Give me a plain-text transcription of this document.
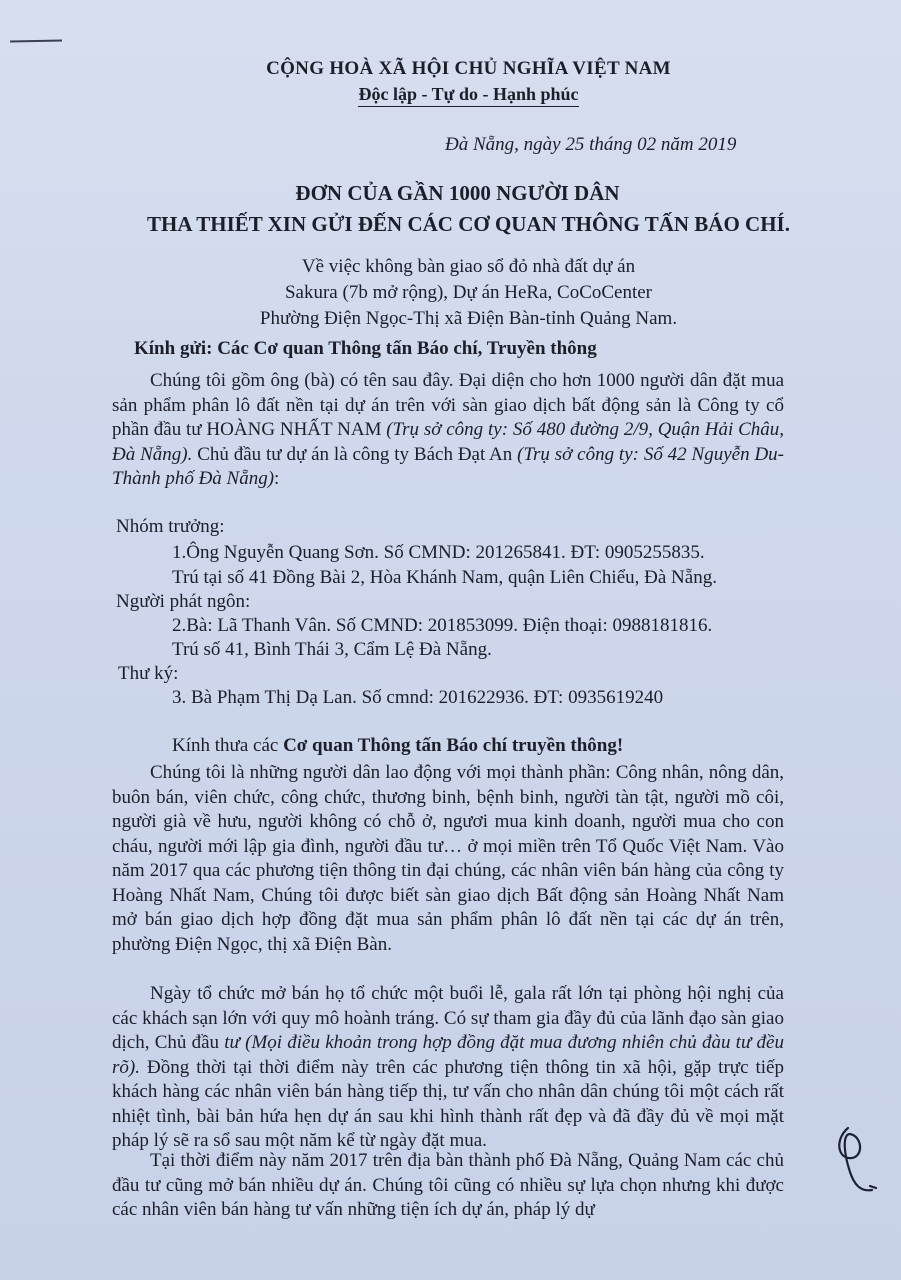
CỘNG HOÀ XÃ HỘI CHỦ NGHĨA VIỆT NAM
Độc lập - Tự do - Hạnh phúc
Đà Nẵng, ngày 25 tháng 02 năm 2019
ĐƠN CỦA GẦN 1000 NGƯỜI DÂN
THA THIẾT XIN GỬI ĐẾN CÁC CƠ QUAN THÔNG TẤN BÁO CHÍ.
Về việc không bàn giao sổ đỏ nhà đất dự án
Sakura (7b mở rộng), Dự án HeRa, CoCoCenter
Phường Điện Ngọc-Thị xã Điện Bàn-tỉnh Quảng Nam.
Kính gửi: Các Cơ quan Thông tấn Báo chí, Truyền thông
Chúng tôi gồm ông (bà) có tên sau đây. Đại diện cho hơn 1000 người dân đặt mua sản phẩm phân lô đất nền tại dự án trên với sàn giao dịch bất động sản là Công ty cổ phần đầu tư HOÀNG NHẤT NAM (Trụ sở công ty: Số 480 đường 2/9, Quận Hải Châu, Đà Nẵng). Chủ đầu tư dự án là công ty Bách Đạt An (Trụ sở công ty: Số 42 Nguyễn Du- Thành phố Đà Nẵng):
Nhóm trưởng:
1.Ông Nguyễn Quang Sơn. Số CMND: 201265841. ĐT: 0905255835.
Trú tại số 41 Đồng Bài 2, Hòa Khánh Nam, quận Liên Chiểu, Đà Nẵng.
Người phát ngôn:
2.Bà: Lã Thanh Vân. Số CMND: 201853099. Điện thoại: 0988181816.
Trú số 41, Bình Thái 3, Cẩm Lệ Đà Nẵng.
Thư ký:
3. Bà Phạm Thị Dạ Lan. Số cmnd: 201622936. ĐT: 0935619240
Kính thưa các Cơ quan Thông tấn Báo chí truyền thông!
Chúng tôi là những người dân lao động với mọi thành phần: Công nhân, nông dân, buôn bán, viên chức, công chức, thương binh, bệnh binh, người tàn tật, người mồ côi, người già về hưu, người không có chỗ ở, ngươi mua kinh doanh, người mua cho con cháu, người mới lập gia đình, người đầu tư… ở mọi miền trên Tổ Quốc Việt Nam. Vào năm 2017 qua các phương tiện thông tin đại chúng, các nhân viên bán hàng của công ty Hoàng Nhất Nam, Chúng tôi được biết sàn giao dịch Bất động sản Hoàng Nhất Nam mở bán giao dịch hợp đồng đặt mua sản phẩm phân lô đất nền tại các dự án trên, phường Điện Ngọc, thị xã Điện Bàn.
Ngày tổ chức mở bán họ tổ chức một buổi lễ, gala rất lớn tại phòng hội nghị của các khách sạn lớn với quy mô hoành tráng. Có sự tham gia đầy đủ của lãnh đạo sàn giao dịch, Chủ đầu tư (Mọi điều khoản trong hợp đồng đặt mua đương nhiên chủ đàu tư đều rõ). Đồng thời tại thời điểm này trên các phương tiện thông tin xã hội, gặp trực tiếp khách hàng các nhân viên bán hàng tiếp thị, tư vấn cho nhân dân chúng tôi một cách rất nhiệt tình, bài bản hứa hẹn dự án sau khi hình thành rất đẹp và đã đầy đủ về mọi mặt pháp lý sẽ ra sổ sau một năm kể từ ngày đặt mua.
Tại thời điểm này năm 2017 trên địa bàn thành phố Đà Nẵng, Quảng Nam các chủ đầu tư cũng mở bán nhiều dự án. Chúng tôi cũng có nhiều sự lựa chọn nhưng khi được các nhân viên bán hàng tư vấn những tiện ích dự án, pháp lý dự
